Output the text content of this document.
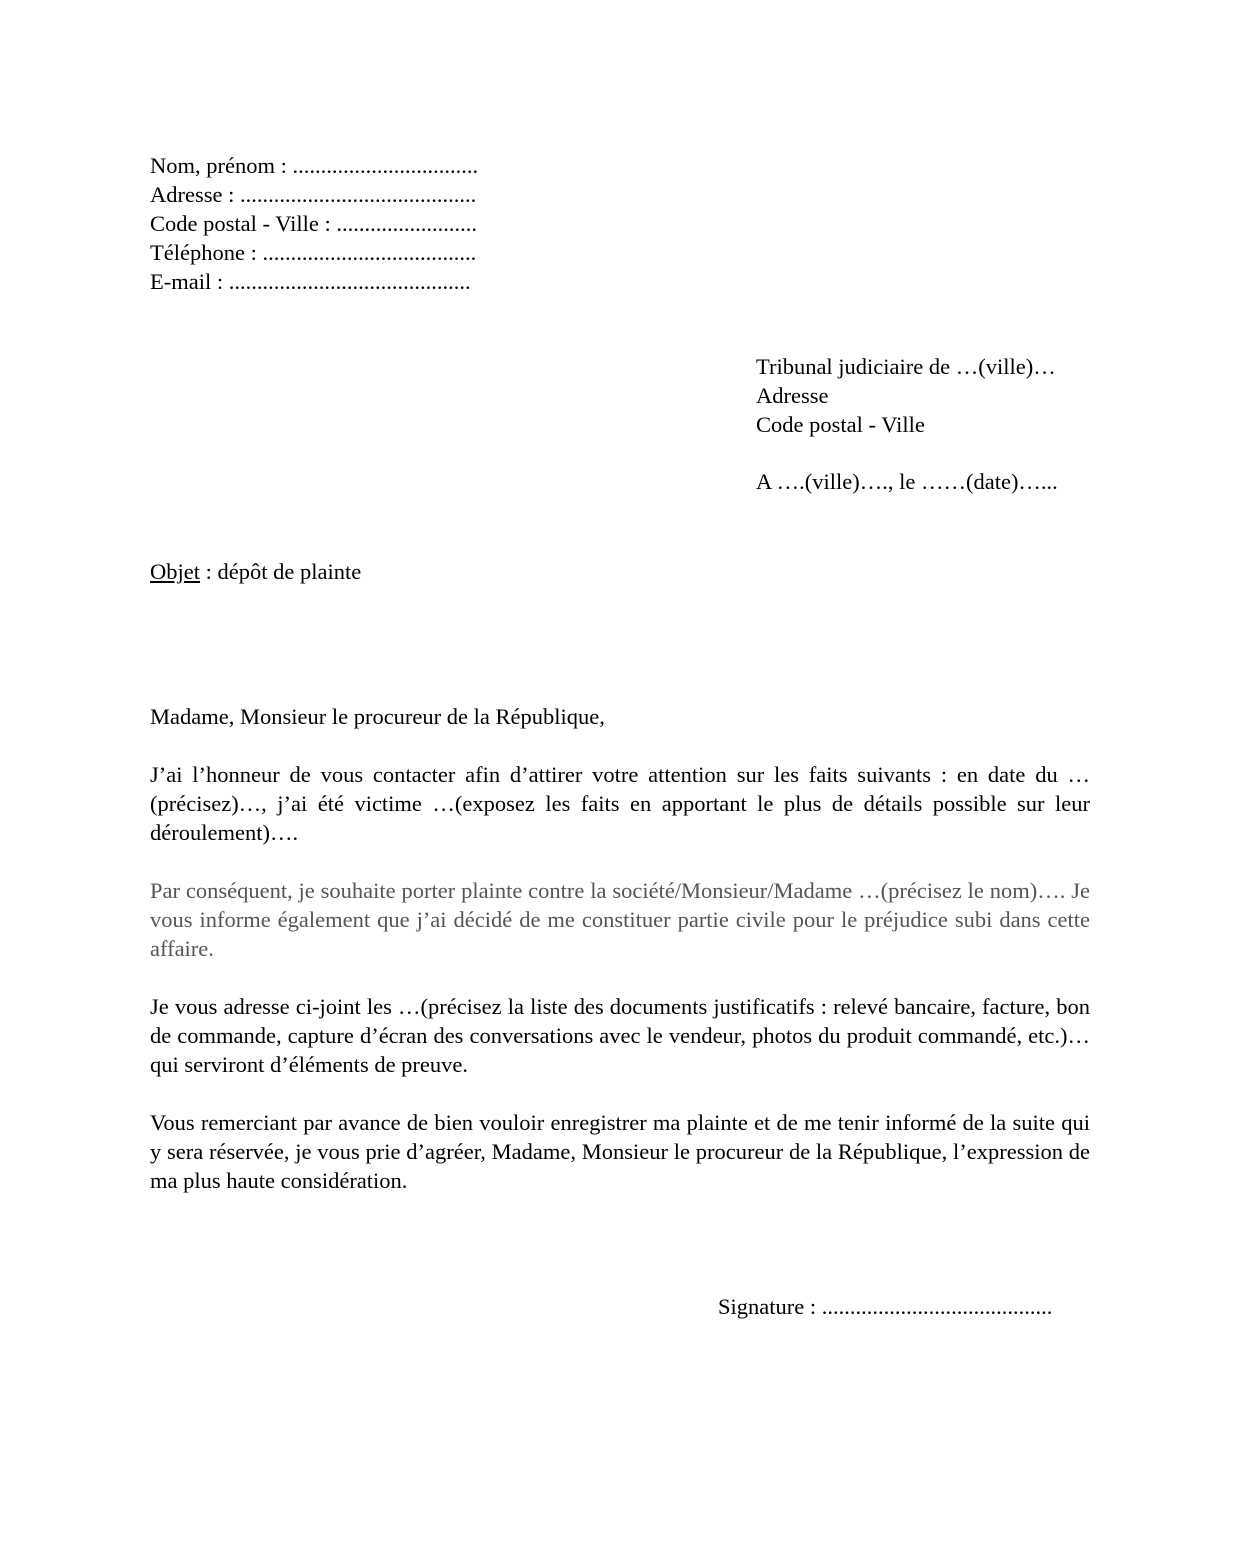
Nom, prénom : .................................
Adresse : ..........................................
Code postal - Ville : .........................
Téléphone : ......................................
E-mail : ...........................................
Tribunal judiciaire de …(ville)…
Adresse
Code postal - Ville
A ….(ville)…., le ……(date)…...
Objet : dépôt de plainte

Madame, Monsieur le procureur de la République,

J’ai l’honneur de vous contacter afin d’attirer votre attention sur les faits suivants : en date du …(précisez)…, j’ai été victime …(exposez les faits en apportant le plus de détails possible sur leur déroulement)….

Par conséquent, je souhaite porter plainte contre la société/Monsieur/Madame …(précisez le nom)…. Je vous informe également que j’ai décidé de me constituer partie civile pour le préjudice subi dans cette affaire.

Je vous adresse ci-joint les …(précisez la liste des documents justificatifs : relevé bancaire, facture, bon de commande, capture d’écran des conversations avec le vendeur, photos du produit commandé, etc.)… qui serviront d’éléments de preuve.

Vous remerciant par avance de bien vouloir enregistrer ma plainte et de me tenir informé de la suite qui y sera réservée, je vous prie d’agréer, Madame, Monsieur le procureur de la République, l’expression de ma plus haute considération.

Signature : .........................................
